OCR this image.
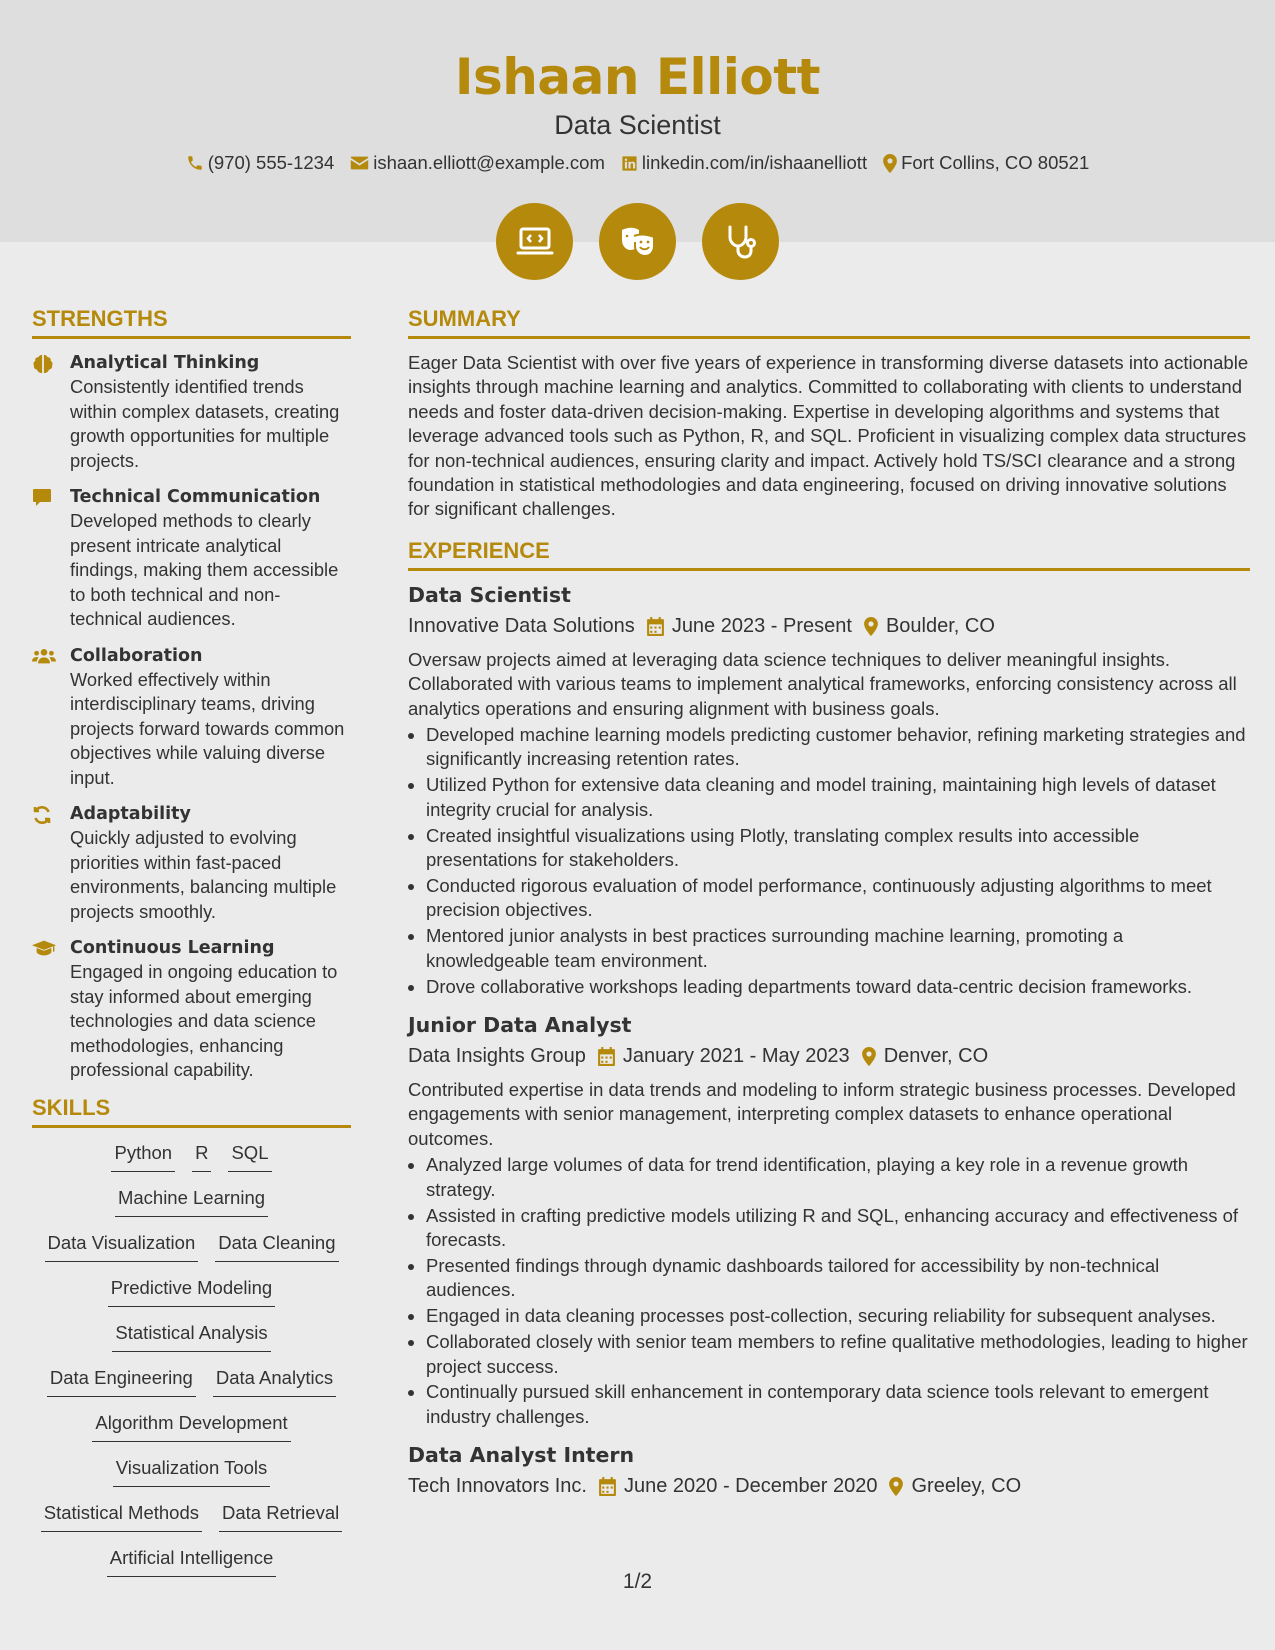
Ishaan Elliott
Data Scientist
(970) 555-1234 ishaan.elliott@example.com linkedin.com/in/ishaanelliott Fort Collins, CO 80521
STRENGTHS
Analytical Thinking
Consistently identified trends within complex datasets, creating growth opportunities for multiple projects.
Technical Communication
Developed methods to clearly present intricate analytical findings, making them accessible to both technical and non-technical audiences.
Collaboration
Worked effectively within interdisciplinary teams, driving projects forward towards common objectives while valuing diverse input.
Adaptability
Quickly adjusted to evolving priorities within fast-paced environments, balancing multiple projects smoothly.
Continuous Learning
Engaged in ongoing education to stay informed about emerging technologies and data science methodologies, enhancing professional capability.
SKILLS
Python R SQL
Machine Learning
Data Visualization Data Cleaning
Predictive Modeling
Statistical Analysis
Data Engineering Data Analytics
Algorithm Development
Visualization Tools
Statistical Methods Data Retrieval
Artificial Intelligence
SUMMARY
Eager Data Scientist with over five years of experience in transforming diverse datasets into actionable insights through machine learning and analytics. Committed to collaborating with clients to understand needs and foster data-driven decision-making. Expertise in developing algorithms and systems that leverage advanced tools such as Python, R, and SQL. Proficient in visualizing complex data structures for non-technical audiences, ensuring clarity and impact. Actively hold TS/SCI clearance and a strong foundation in statistical methodologies and data engineering, focused on driving innovative solutions for significant challenges.
EXPERIENCE
Data Scientist
Innovative Data Solutions June 2023 - Present Boulder, CO
Oversaw projects aimed at leveraging data science techniques to deliver meaningful insights. Collaborated with various teams to implement analytical frameworks, enforcing consistency across all analytics operations and ensuring alignment with business goals.
• Developed machine learning models predicting customer behavior, refining marketing strategies and significantly increasing retention rates.
• Utilized Python for extensive data cleaning and model training, maintaining high levels of dataset integrity crucial for analysis.
• Created insightful visualizations using Plotly, translating complex results into accessible presentations for stakeholders.
• Conducted rigorous evaluation of model performance, continuously adjusting algorithms to meet precision objectives.
• Mentored junior analysts in best practices surrounding machine learning, promoting a knowledgeable team environment.
• Drove collaborative workshops leading departments toward data-centric decision frameworks.
Junior Data Analyst
Data Insights Group January 2021 - May 2023 Denver, CO
Contributed expertise in data trends and modeling to inform strategic business processes. Developed engagements with senior management, interpreting complex datasets to enhance operational outcomes.
• Analyzed large volumes of data for trend identification, playing a key role in a revenue growth strategy.
• Assisted in crafting predictive models utilizing R and SQL, enhancing accuracy and effectiveness of forecasts.
• Presented findings through dynamic dashboards tailored for accessibility by non-technical audiences.
• Engaged in data cleaning processes post-collection, securing reliability for subsequent analyses.
• Collaborated closely with senior team members to refine qualitative methodologies, leading to higher project success.
• Continually pursued skill enhancement in contemporary data science tools relevant to emergent industry challenges.
Data Analyst Intern
Tech Innovators Inc. June 2020 - December 2020 Greeley, CO
1/2
